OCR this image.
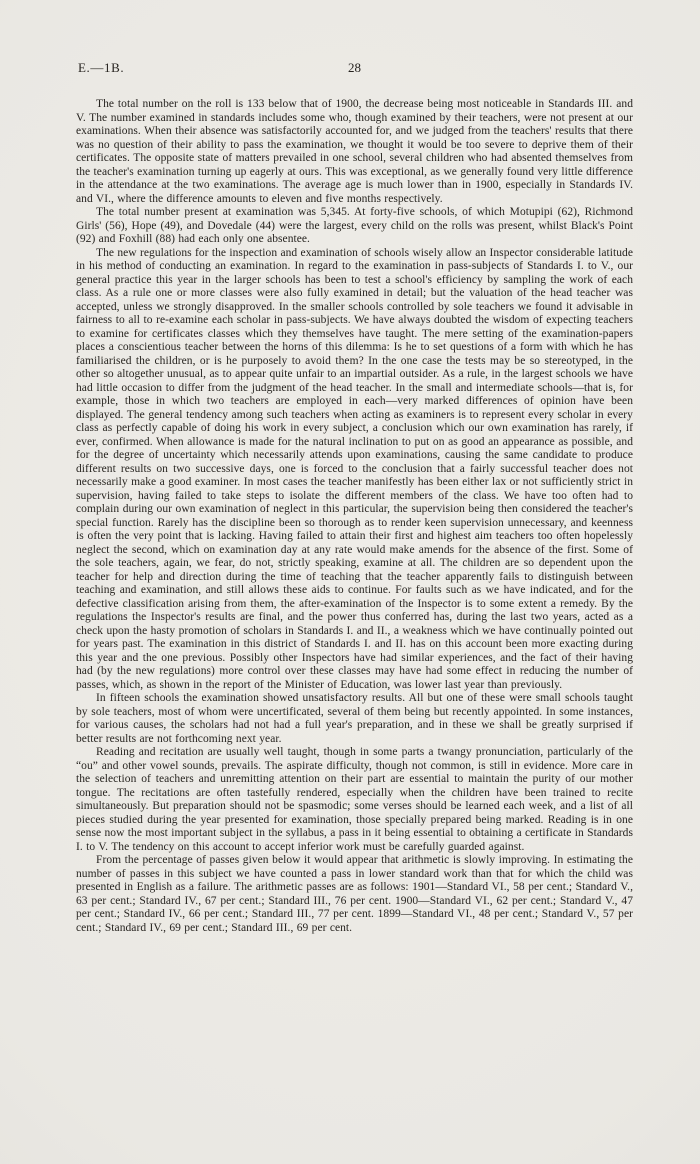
E.—1B.	28

The total number on the roll is 133 below that of 1900, the decrease being most noticeable in Standards III. and V. The number examined in standards includes some who, though examined by their teachers, were not present at our examinations. When their absence was satisfactorily accounted for, and we judged from the teachers' results that there was no question of their ability to pass the examination, we thought it would be too severe to deprive them of their certificates. The opposite state of matters prevailed in one school, several children who had absented themselves from the teacher's examination turning up eagerly at ours. This was exceptional, as we generally found very little difference in the attendance at the two examinations. The average age is much lower than in 1900, especially in Standards IV. and VI., where the difference amounts to eleven and five months respectively.

The total number present at examination was 5,345. At forty-five schools, of which Motupipi (62), Richmond Girls' (56), Hope (49), and Dovedale (44) were the largest, every child on the rolls was present, whilst Black's Point (92) and Foxhill (88) had each only one absentee.

The new regulations for the inspection and examination of schools wisely allow an Inspector considerable latitude in his method of conducting an examination. In regard to the examination in pass-subjects of Standards I. to V., our general practice this year in the larger schools has been to test a school's efficiency by sampling the work of each class. As a rule one or more classes were also fully examined in detail; but the valuation of the head teacher was accepted, unless we strongly disapproved. In the smaller schools controlled by sole teachers we found it advisable in fairness to all to re-examine each scholar in pass-subjects. We have always doubted the wisdom of expecting teachers to examine for certificates classes which they themselves have taught. The mere setting of the examination-papers places a conscientious teacher between the horns of this dilemma: Is he to set questions of a form with which he has familiarised the children, or is he purposely to avoid them? In the one case the tests may be so stereotyped, in the other so altogether unusual, as to appear quite unfair to an impartial outsider. As a rule, in the largest schools we have had little occasion to differ from the judgment of the head teacher. In the small and intermediate schools—that is, for example, those in which two teachers are employed in each—very marked differences of opinion have been displayed. The general tendency among such teachers when acting as examiners is to represent every scholar in every class as perfectly capable of doing his work in every subject, a conclusion which our own examination has rarely, if ever, confirmed. When allowance is made for the natural inclination to put on as good an appearance as possible, and for the degree of uncertainty which necessarily attends upon examinations, causing the same candidate to produce different results on two successive days, one is forced to the conclusion that a fairly successful teacher does not necessarily make a good examiner. In most cases the teacher manifestly has been either lax or not sufficiently strict in supervision, having failed to take steps to isolate the different members of the class. We have too often had to complain during our own examination of neglect in this particular, the supervision being then considered the teacher's special function. Rarely has the discipline been so thorough as to render keen supervision unnecessary, and keenness is often the very point that is lacking. Having failed to attain their first and highest aim teachers too often hopelessly neglect the second, which on examination day at any rate would make amends for the absence of the first. Some of the sole teachers, again, we fear, do not, strictly speaking, examine at all. The children are so dependent upon the teacher for help and direction during the time of teaching that the teacher apparently fails to distinguish between teaching and examination, and still allows these aids to continue. For faults such as we have indicated, and for the defective classification arising from them, the after-examination of the Inspector is to some extent a remedy. By the regulations the Inspector's results are final, and the power thus conferred has, during the last two years, acted as a check upon the hasty promotion of scholars in Standards I. and II., a weakness which we have continually pointed out for years past. The examination in this district of Standards I. and II. has on this account been more exacting during this year and the one previous. Possibly other Inspectors have had similar experiences, and the fact of their having had (by the new regulations) more control over these classes may have had some effect in reducing the number of passes, which, as shown in the report of the Minister of Education, was lower last year than previously.

In fifteen schools the examination showed unsatisfactory results. All but one of these were small schools taught by sole teachers, most of whom were uncertificated, several of them being but recently appointed. In some instances, for various causes, the scholars had not had a full year's preparation, and in these we shall be greatly surprised if better results are not forthcoming next year.

Reading and recitation are usually well taught, though in some parts a twangy pronunciation, particularly of the “ou” and other vowel sounds, prevails. The aspirate difficulty, though not common, is still in evidence. More care in the selection of teachers and unremitting attention on their part are essential to maintain the purity of our mother tongue. The recitations are often tastefully rendered, especially when the children have been trained to recite simultaneously. But preparation should not be spasmodic; some verses should be learned each week, and a list of all pieces studied during the year presented for examination, those specially prepared being marked. Reading is in one sense now the most important subject in the syllabus, a pass in it being essential to obtaining a certificate in Standards I. to V. The tendency on this account to accept inferior work must be carefully guarded against.

From the percentage of passes given below it would appear that arithmetic is slowly improving. In estimating the number of passes in this subject we have counted a pass in lower standard work than that for which the child was presented in English as a failure. The arithmetic passes are as follows: 1901—Standard VI., 58 per cent.; Standard V., 63 per cent.; Standard IV., 67 per cent.; Standard III., 76 per cent. 1900—Standard VI., 62 per cent.; Standard V., 47 per cent.; Standard IV., 66 per cent.; Standard III., 77 per cent. 1899—Standard VI., 48 per cent.; Standard V., 57 per cent.; Standard IV., 69 per cent.; Standard III., 69 per cent.
